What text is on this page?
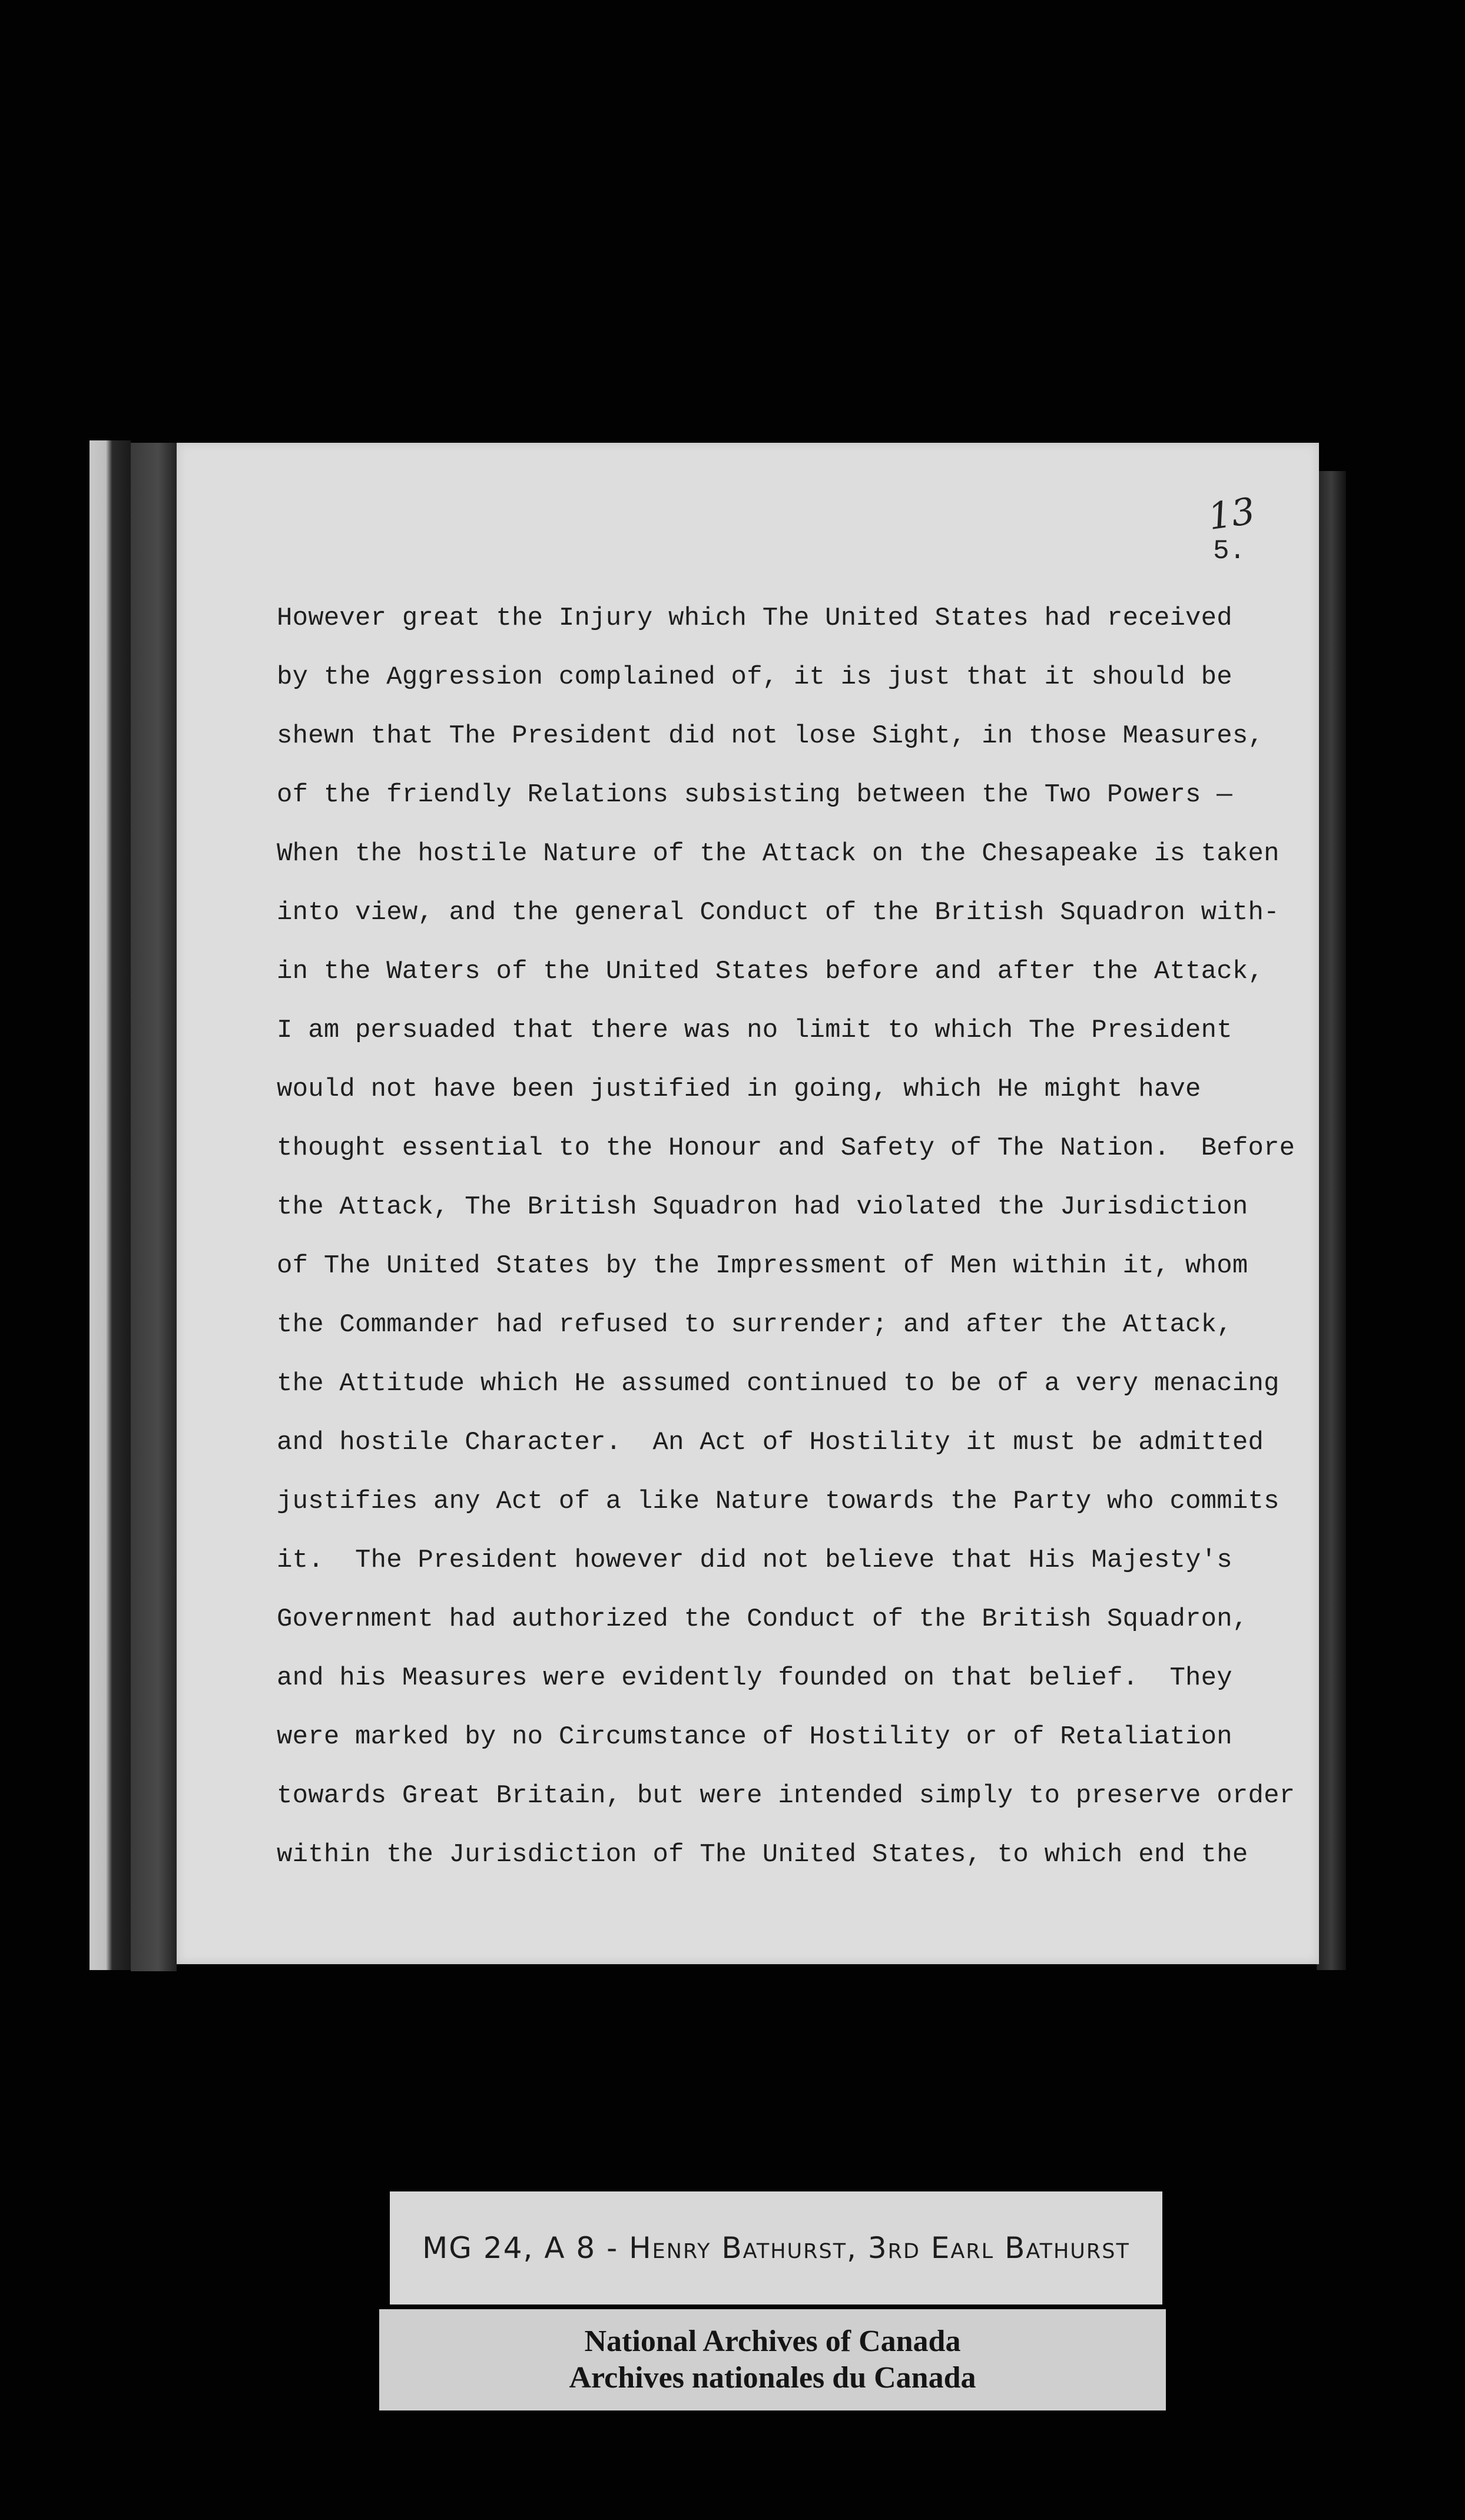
13
5.
However great the Injury which The United States had received
by the Aggression complained of, it is just that it should be
shewn that The President did not lose Sight, in those Measures,
of the friendly Relations subsisting between the Two Powers —
When the hostile Nature of the Attack on the Chesapeake is taken
into view, and the general Conduct of the British Squadron with-
in the Waters of the United States before and after the Attack,
I am persuaded that there was no limit to which The President
would not have been justified in going, which He might have
thought essential to the Honour and Safety of The Nation.  Before
the Attack, The British Squadron had violated the Jurisdiction
of The United States by the Impressment of Men within it, whom
the Commander had refused to surrender; and after the Attack,
the Attitude which He assumed continued to be of a very menacing
and hostile Character.  An Act of Hostility it must be admitted
justifies any Act of a like Nature towards the Party who commits
it.  The President however did not believe that His Majesty's
Government had authorized the Conduct of the British Squadron,
and his Measures were evidently founded on that belief.  They
were marked by no Circumstance of Hostility or of Retaliation
towards Great Britain, but were intended simply to preserve order
within the Jurisdiction of The United States, to which end the
MG 24, A 8 - Henry Bathurst, 3rd Earl Bathurst
National Archives of Canada
Archives nationales du Canada
